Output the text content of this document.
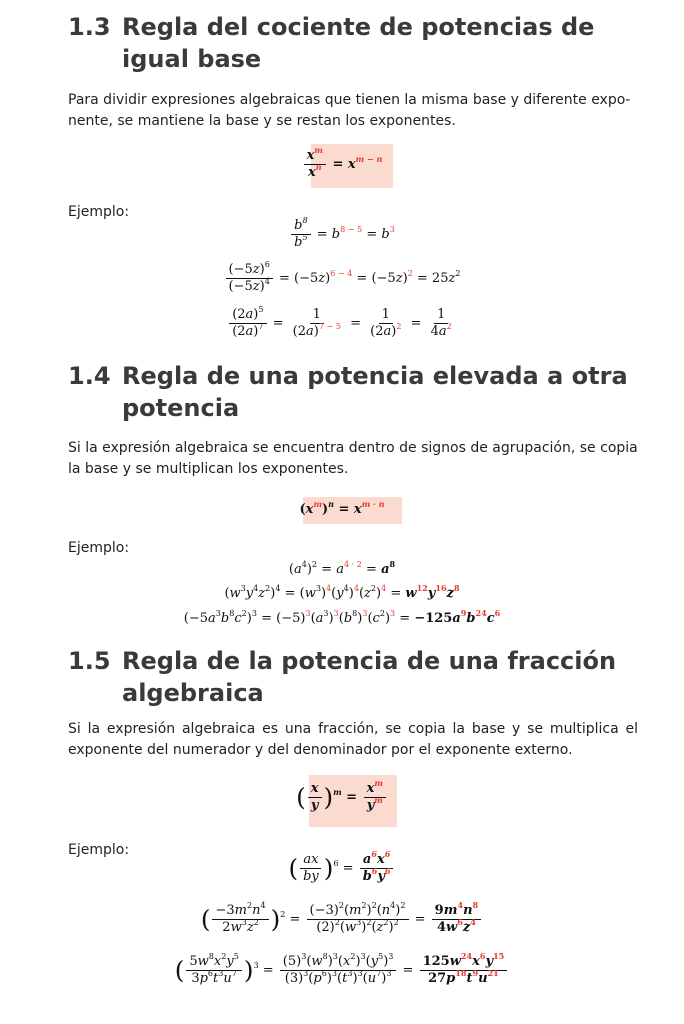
1.3 Regla del cociente de potencias de igual base
Para dividir expresiones algebraicas que tienen la misma base y diferente exponente, se mantiene la base y se restan los exponentes.
$\frac{x^m}{x^n} = x^{m - n}$
Ejemplo:
$\frac{b^8}{b^5} = b^{8 - 5} = b^3$
$\frac{(-5z)^6}{(-5z)^4} = (-5z)^{6 - 4} = (-5z)^2 = 25z^2$
$\frac{(2a)^5}{(2a)^7} = \frac{1}{(2a)^{7 - 5}} = \frac{1}{(2a)^2} = \frac{1}{4a^2}$
1.4 Regla de una potencia elevada a otra potencia
Si la expresión algebraica se encuentra dentro de signos de agrupación, se copia la base y se multiplican los exponentes.
$(x^m)^n = x^{m \cdot n}$
Ejemplo:
$(a^4)^2 = a^{4 \cdot 2} = a^8$
$(w^3y^4z^2)^4 = (w^3)^4(y^4)^4(z^2)^4 = w^{12}y^{16}z^8$
$(-5a^3b^8c^2)^3 = (-5)^3(a^3)^3(b^8)^3(c^2)^3 = -125a^9b^{24}c^6$
1.5 Regla de la potencia de una fracción algebraica
Si la expresión algebraica es una fracción, se copia la base y se multiplica el exponente del numerador y del denominador por el exponente externo.
( $\frac{x}{y} )^m = \frac{x^m}{y^m}$
Ejemplo:
( $\frac{ax}{by} )^6 = \frac{a^6x^6}{b^6y^6}$
( $\frac{-3m^2n^4}{2w^3z^2} )^2 = \frac{(-3)^2(m^2)^2(n^4)^2}{(2)^2(w^3)^2(z^2)^2} = \frac{9m^4n^8}{4w^6z^4}$
( $\frac{5w^8x^2y^5}{3p^6t^3u^7} )^3 = \frac{(5)^3(w^8)^3(x^2)^3(y^5)^3}{(3)^3(p^6)^3(t^3)^3(u^7)^3} = \frac{125w^{24}x^6y^{15}}{27p^{18}t^9u^{21}}$
